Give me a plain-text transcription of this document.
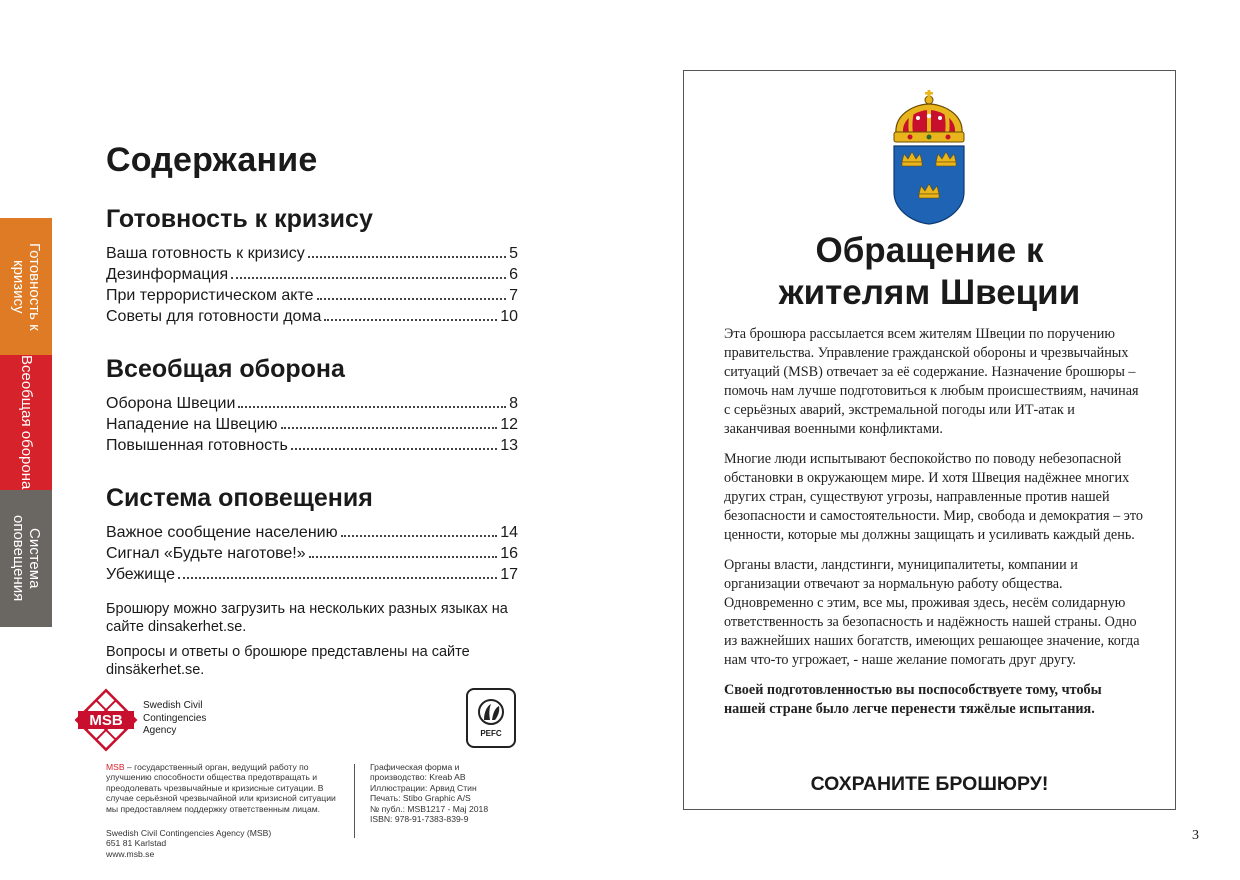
Готовность к кризису
Всеобщая оборона
Система оповещения
Содержание
Готовность к кризису
Ваша готовность к кризису	5
Дезинформация	6
При террористическом акте	7
Советы для готовности дома	10
Всеобщая оборона
Оборона Швеции	8
Нападение на Швецию	12
Повышенная готовность	13
Система оповещения
Важное сообщение населению	14
Сигнал «Будьте наготове!»	16
Убежище	17

Брошюру можно загрузить на нескольких разных языках на сайте dinsakerhet.se.

Вопросы и ответы о брошюре представлены на сайте dinsäkerhet.se.

MSB
Swedish Civil
Contingencies
Agency	PEFC

MSB – государственный орган, ведущий работу по улучшению способности общества предотвращать и преодолевать чрезвычайные и кризисные ситуации. В случае серьёзной чрезвычайной или кризисной ситуации мы предоставляем поддержку ответственным лицам.

Swedish Civil Contingencies Agency (MSB)
651 81 Karlstad
www.msb.se
Графическая форма и
производство: Kreab AB
Иллюстрации: Арвид Стин
Печать: Stibo Graphic A/S
№ публ.: MSB1217 - Maj 2018
ISBN: 978-91-7383-839-9
Обращение к
жителям Швеции

Эта брошюра рассылается всем жителям Швеции по поручению правительства. Управление гражданской обороны и чрезвычайных ситуаций (MSB) отвечает за её содержание. Назначение брошюры – помочь нам лучше подготовиться к любым происшествиям, начиная с серьёзных аварий, экстремальной погоды или ИТ-атак и заканчивая военными конфликтами.

Многие люди испытывают беспокойство по поводу небезопасной обстановки в окружающем мире. И хотя Швеция надёжнее многих других стран, существуют угрозы, направленные против нашей безопасности и самостоятельности. Мир, свобода и демократия – это ценности, которые мы должны защищать и усиливать каждый день.

Органы власти, ландстинги, муниципалитеты, компании и организации отвечают за нормальную работу общества. Одновременно с этим, все мы, проживая здесь, несём солидарную ответственность за безопасность и надёжность нашей страны. Одно из важнейших наших богатств, имеющих решающее значение, когда нам что-то угрожает, - наше желание помогать друг другу.

Своей подготовленностью вы поспособствуете тому, чтобы нашей стране было легче перенести тяжёлые испытания.

СОХРАНИТЕ БРОШЮРУ!

3
